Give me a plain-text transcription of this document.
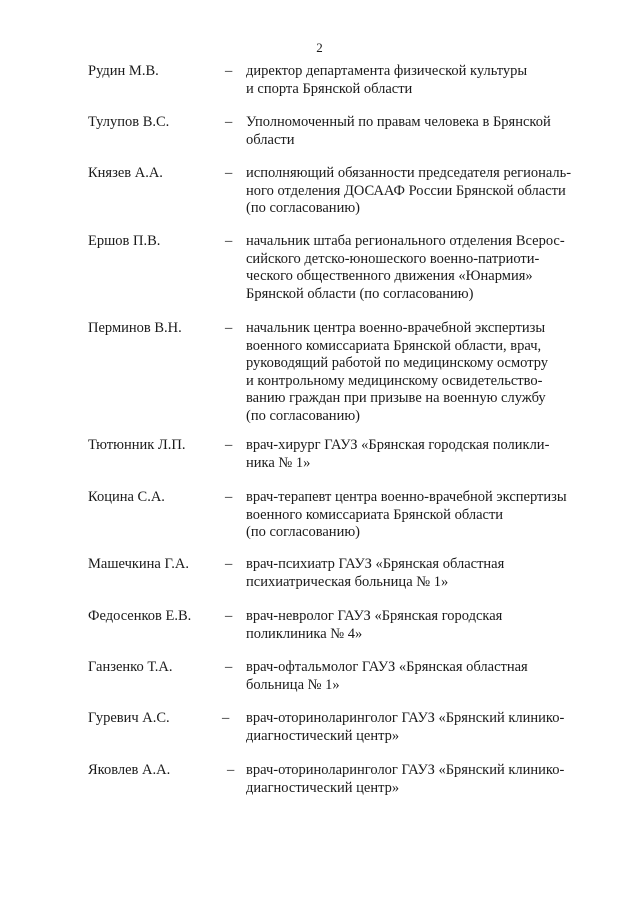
2
Рудин М.В.	– директор департамента физической культуры
и спорта Брянской области
Тулупов В.С.	– Уполномоченный по правам человека в Брянской
области
Князев А.А.	– исполняющий обязанности председателя региональ-
ного отделения ДОСААФ России Брянской области
(по согласованию)
Ершов П.В.	– начальник штаба регионального отделения Всерос-
сийского детско-юношеского военно-патриоти-
ческого общественного движения «Юнармия»
Брянской области (по согласованию)
Перминов В.Н.	– начальник центра военно-врачебной экспертизы
военного комиссариата Брянской области, врач,
руководящий работой по медицинскому осмотру
и контрольному медицинскому освидетельство-
ванию граждан при призыве на военную службу
(по согласованию)
Тютюнник Л.П.	– врач-хирург ГАУЗ «Брянская городская поликли-
ника № 1»
Коцина С.А.	– врач-терапевт центра военно-врачебной экспертизы
военного комиссариата Брянской области
(по согласованию)
Машечкина Г.А. – врач-психиатр ГАУЗ «Брянская областная
психиатрическая больница № 1»
Федосенков Е.В. – врач-невролог ГАУЗ «Брянская городская
поликлиника № 4»
Ганзенко Т.А.	– врач-офтальмолог ГАУЗ «Брянская областная
больница № 1»
Гуревич А.С.	– врач-оториноларинголог ГАУЗ «Брянский клинико-
диагностический центр»
Яковлев А.А.	– врач-оториноларинголог ГАУЗ «Брянский клинико-
диагностический центр»
